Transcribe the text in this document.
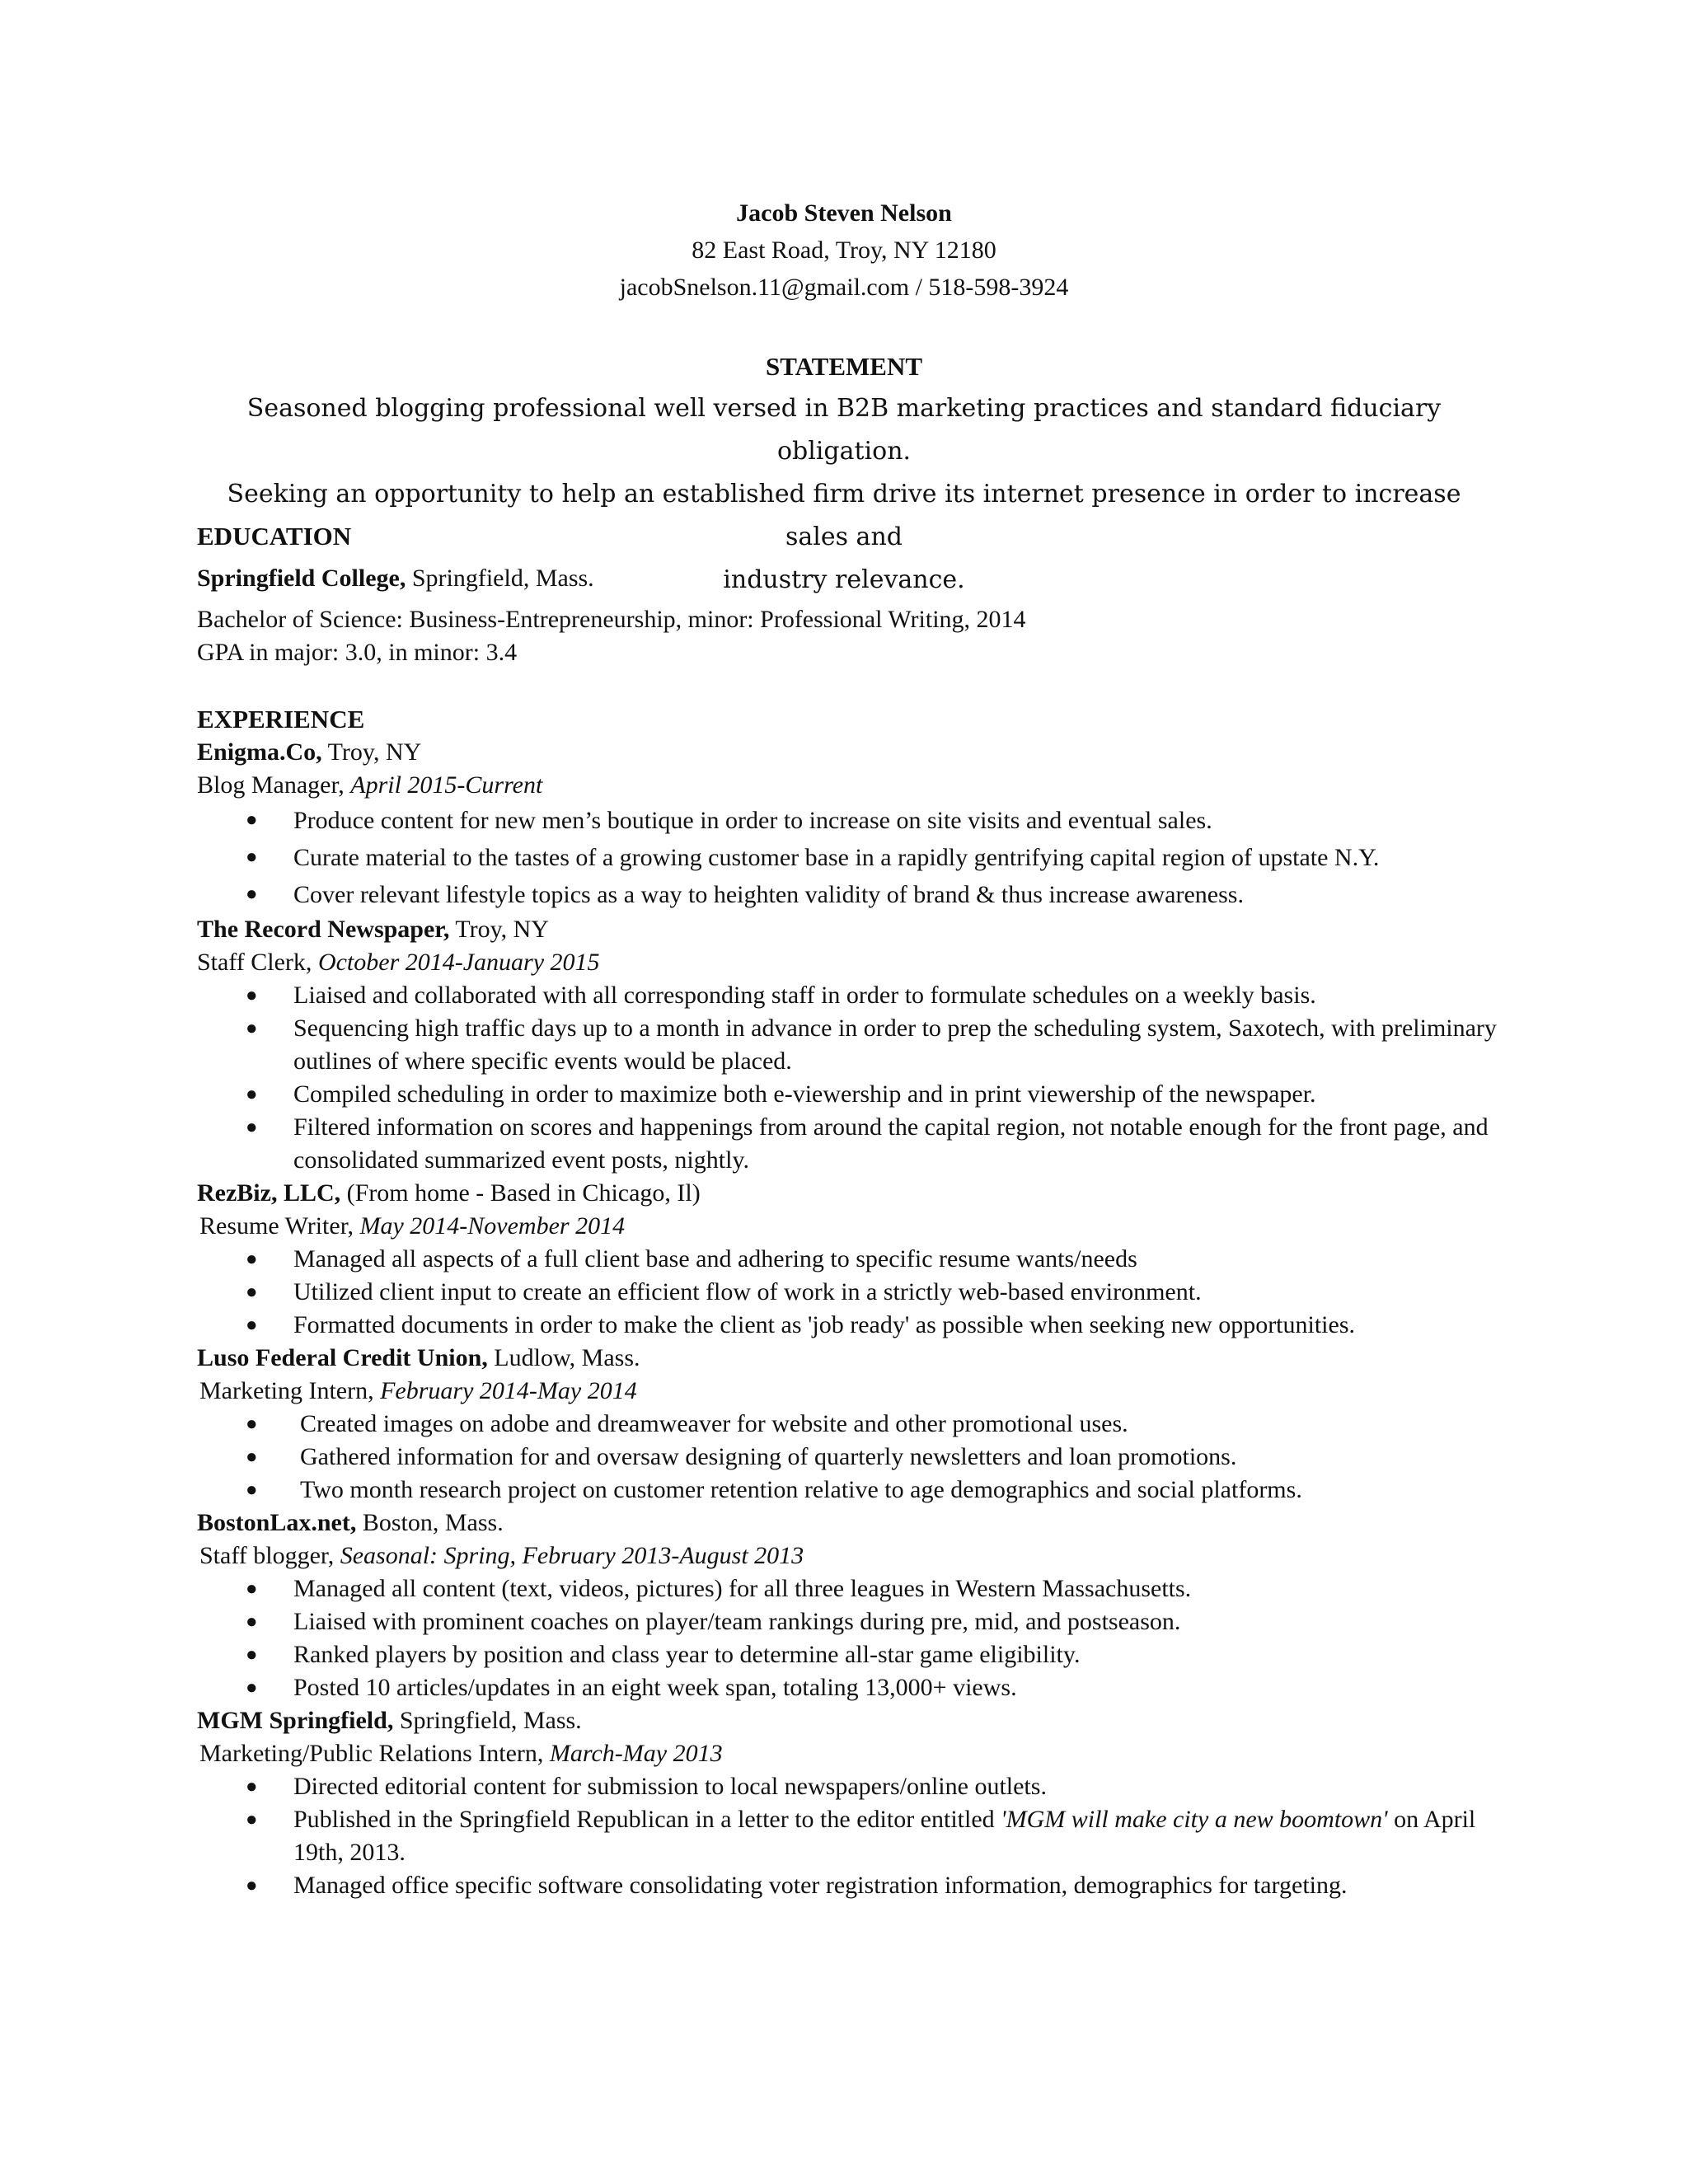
Jacob Steven Nelson
82 East Road, Troy, NY 12180
jacobSnelson.11@gmail.com / 518-598-3924
STATEMENT
Seasoned blogging professional well versed in B2B marketing practices and standard fiduciary obligation.
Seeking an opportunity to help an established firm drive its internet presence in order to increase sales and
industry relevance.
EDUCATION
Springfield College, Springfield, Mass.
Bachelor of Science: Business-Entrepreneurship, minor: Professional Writing, 2014
GPA in major: 3.0, in minor: 3.4
EXPERIENCE
Enigma.Co, Troy, NY
Blog Manager, April 2015-Current
● Produce content for new men’s boutique in order to increase on site visits and eventual sales.
● Curate material to the tastes of a growing customer base in a rapidly gentrifying capital region of upstate N.Y.
● Cover relevant lifestyle topics as a way to heighten validity of brand & thus increase awareness.
The Record Newspaper, Troy, NY
Staff Clerk, October 2014-January 2015
● Liaised and collaborated with all corresponding staff in order to formulate schedules on a weekly basis.
● Sequencing high traffic days up to a month in advance in order to prep the scheduling system, Saxotech, with preliminary outlines of where specific events would be placed.
● Compiled scheduling in order to maximize both e-viewership and in print viewership of the newspaper.
● Filtered information on scores and happenings from around the capital region, not notable enough for the front page, and consolidated summarized event posts, nightly.
RezBiz, LLC, (From home - Based in Chicago, Il)
Resume Writer, May 2014-November 2014
● Managed all aspects of a full client base and adhering to specific resume wants/needs
● Utilized client input to create an efficient flow of work in a strictly web-based environment.
● Formatted documents in order to make the client as 'job ready' as possible when seeking new opportunities.
Luso Federal Credit Union, Ludlow, Mass.
Marketing Intern, February 2014-May 2014
● Created images on adobe and dreamweaver for website and other promotional uses.
● Gathered information for and oversaw designing of quarterly newsletters and loan promotions.
● Two month research project on customer retention relative to age demographics and social platforms.
BostonLax.net, Boston, Mass.
Staff blogger, Seasonal: Spring, February 2013-August 2013
● Managed all content (text, videos, pictures) for all three leagues in Western Massachusetts.
● Liaised with prominent coaches on player/team rankings during pre, mid, and postseason.
● Ranked players by position and class year to determine all-star game eligibility.
● Posted 10 articles/updates in an eight week span, totaling 13,000+ views.
MGM Springfield, Springfield, Mass.
Marketing/Public Relations Intern, March-May 2013
● Directed editorial content for submission to local newspapers/online outlets.
● Published in the Springfield Republican in a letter to the editor entitled 'MGM will make city a new boomtown' on April 19th, 2013.
● Managed office specific software consolidating voter registration information, demographics for targeting.
